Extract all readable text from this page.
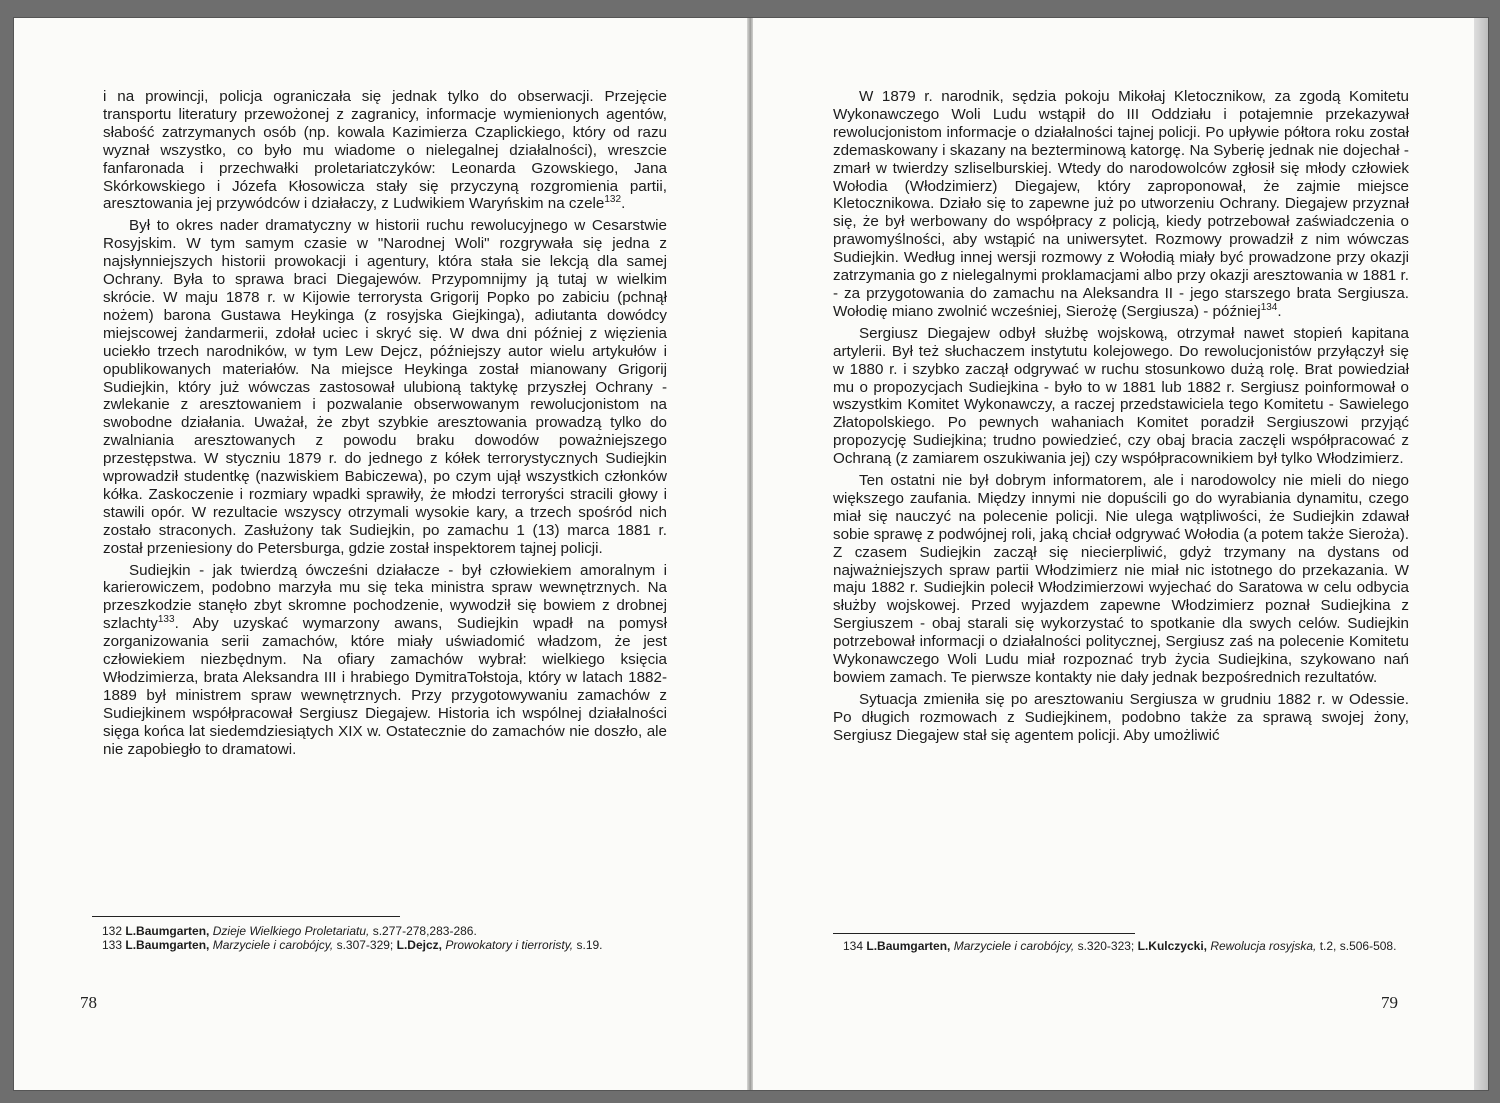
i na prowincji, policja ograniczała się jednak tylko do obserwacji. Przejęcie transportu literatury przewożonej z zagranicy, informacje wymienionych agentów, słabość zatrzymanych osób (np. kowala Kazimierza Czaplickiego, który od razu wyznał wszystko, co było mu wiadome o nielegalnej działalności), wreszcie fanfaronada i przechwałki proletariatczyków: Leonarda Gzowskiego, Jana Skórkowskiego i Józefa Kłosowicza stały się przyczyną rozgromienia partii, aresztowania jej przywódców i działaczy, z Ludwikiem Waryńskim na czele$^{132}$.

Był to okres nader dramatyczny w historii ruchu rewolucyjnego w Cesarstwie Rosyjskim. W tym samym czasie w "Narodnej Woli" rozgrywała się jedna z najsłynniejszych historii prowokacji i agentury, która stała sie lekcją dla samej Ochrany. Była to sprawa braci Diegajewów. Przypomnijmy ją tutaj w wielkim skrócie. W maju 1878 r. w Kijowie terrorysta Grigorij Popko po zabiciu (pchnął nożem) barona Gustawa Heykinga (z rosyjska Giejkinga), adiutanta dowódcy miejscowej żandarmerii, zdołał uciec i skryć się. W dwa dni później z więzienia uciekło trzech narodników, w tym Lew Dejcz, późniejszy autor wielu artykułów i opublikowanych materiałów. Na miejsce Heykinga został mianowany Grigorij Sudiejkin, który już wówczas zastosował ulubioną taktykę przyszłej Ochrany - zwlekanie z aresztowaniem i pozwalanie obserwowanym rewolucjonistom na swobodne działania. Uważał, że zbyt szybkie aresztowania prowadzą tylko do zwalniania aresztowanych z powodu braku dowodów poważniejszego przestępstwa. W styczniu 1879 r. do jednego z kółek terrorystycznych Sudiejkin wprowadził studentkę (nazwiskiem Babiczewa), po czym ujął wszystkich członków kółka. Zaskoczenie i rozmiary wpadki sprawiły, że młodzi terroryści stracili głowy i stawili opór. W rezultacie wszyscy otrzymali wysokie kary, a trzech spośród nich zostało straconych. Zasłużony tak Sudiejkin, po zamachu 1 (13) marca 1881 r. został przeniesiony do Petersburga, gdzie został inspektorem tajnej policji.

Sudiejkin - jak twierdzą ówcześni działacze - był człowiekiem amoralnym i karierowiczem, podobno marzyła mu się teka ministra spraw wewnętrznych. Na przeszkodzie stanęło zbyt skromne pochodzenie, wywodził się bowiem z drobnej szlachty$^{133}$. Aby uzyskać wymarzony awans, Sudiejkin wpadł na pomysł zorganizowania serii zamachów, które miały uświadomić władzom, że jest człowiekiem niezbędnym. Na ofiary zamachów wybrał: wielkiego księcia Włodzimierza, brata Aleksandra III i hrabiego DymitraTołstoja, który w latach 1882-1889 był ministrem spraw wewnętrznych. Przy przygotowywaniu zamachów z Sudiejkinem współpracował Sergiusz Diegajew. Historia ich wspólnej działalności sięga końca lat siedemdziesiątych XIX w. Ostatecznie do zamachów nie doszło, ale nie zapobiegło to dramatowi.

132 L.Baumgarten, Dzieje Wielkiego Proletariatu, s.277-278,283-286.

133 L.Baumgarten, Marzyciele i carobójcy, s.307-329; L.Dejcz, Prowokatory i tierroristy, s.19.

78

W 1879 r. narodnik, sędzia pokoju Mikołaj Kletocznikow, za zgodą Komitetu Wykonawczego Woli Ludu wstąpił do III Oddziału i potajemnie przekazywał rewolucjonistom informacje o działalności tajnej policji. Po upływie półtora roku został zdemaskowany i skazany na bezterminową katorgę. Na Syberię jednak nie dojechał - zmarł w twierdzy szliselburskiej. Wtedy do narodowolców zgłosił się młody człowiek Wołodia (Włodzimierz) Diegajew, który zaproponował, że zajmie miejsce Kletocznikowa. Działo się to zapewne już po utworzeniu Ochrany. Diegajew przyznał się, że był werbowany do współpracy z policją, kiedy potrzebował zaświadczenia o prawomyślności, aby wstąpić na uniwersytet. Rozmowy prowadził z nim wówczas Sudiejkin. Według innej wersji rozmowy z Wołodią miały być prowadzone przy okazji zatrzymania go z nielegalnymi proklamacjami albo przy okazji aresztowania w 1881 r. - za przygotowania do zamachu na Aleksandra II - jego starszego brata Sergiusza. Wołodię miano zwolnić wcześniej, Sierożę (Sergiusza) - później$^{134}$.

Sergiusz Diegajew odbył służbę wojskową, otrzymał nawet stopień kapitana artylerii. Był też słuchaczem instytutu kolejowego. Do rewolucjonistów przyłączył się w 1880 r. i szybko zaczął odgrywać w ruchu stosunkowo dużą rolę. Brat powiedział mu o propozycjach Sudiejkina - było to w 1881 lub 1882 r. Sergiusz poinformował o wszystkim Komitet Wykonawczy, a raczej przedstawiciela tego Komitetu - Sawielego Złatopolskiego. Po pewnych wahaniach Komitet poradził Sergiuszowi przyjąć propozycję Sudiejkina; trudno powiedzieć, czy obaj bracia zaczęli współpracować z Ochraną (z zamiarem oszukiwania jej) czy współpracownikiem był tylko Włodzimierz.

Ten ostatni nie był dobrym informatorem, ale i narodowolcy nie mieli do niego większego zaufania. Między innymi nie dopuścili go do wyrabiania dynamitu, czego miał się nauczyć na polecenie policji. Nie ulega wątpliwości, że Sudiejkin zdawał sobie sprawę z podwójnej roli, jaką chciał odgrywać Wołodia (a potem także Sieroża). Z czasem Sudiejkin zaczął się niecierpliwić, gdyż trzymany na dystans od najważniejszych spraw partii Włodzimierz nie miał nic istotnego do przekazania. W maju 1882 r. Sudiejkin polecił Włodzimierzowi wyjechać do Saratowa w celu odbycia służby wojskowej. Przed wyjazdem zapewne Włodzimierz poznał Sudiejkina z Sergiuszem - obaj starali się wykorzystać to spotkanie dla swych celów. Sudiejkin potrzebował informacji o działalności politycznej, Sergiusz zaś na polecenie Komitetu Wykonawczego Woli Ludu miał rozpoznać tryb życia Sudiejkina, szykowano nań bowiem zamach. Te pierwsze kontakty nie dały jednak bezpośrednich rezultatów.

Sytuacja zmieniła się po aresztowaniu Sergiusza w grudniu 1882 r. w Odessie. Po długich rozmowach z Sudiejkinem, podobno także za sprawą swojej żony, Sergiusz Diegajew stał się agentem policji. Aby umożliwić

134 L.Baumgarten, Marzyciele i carobójcy, s.320-323; L.Kulczycki, Rewolucja rosyjska, t.2, s.506-508.

79
